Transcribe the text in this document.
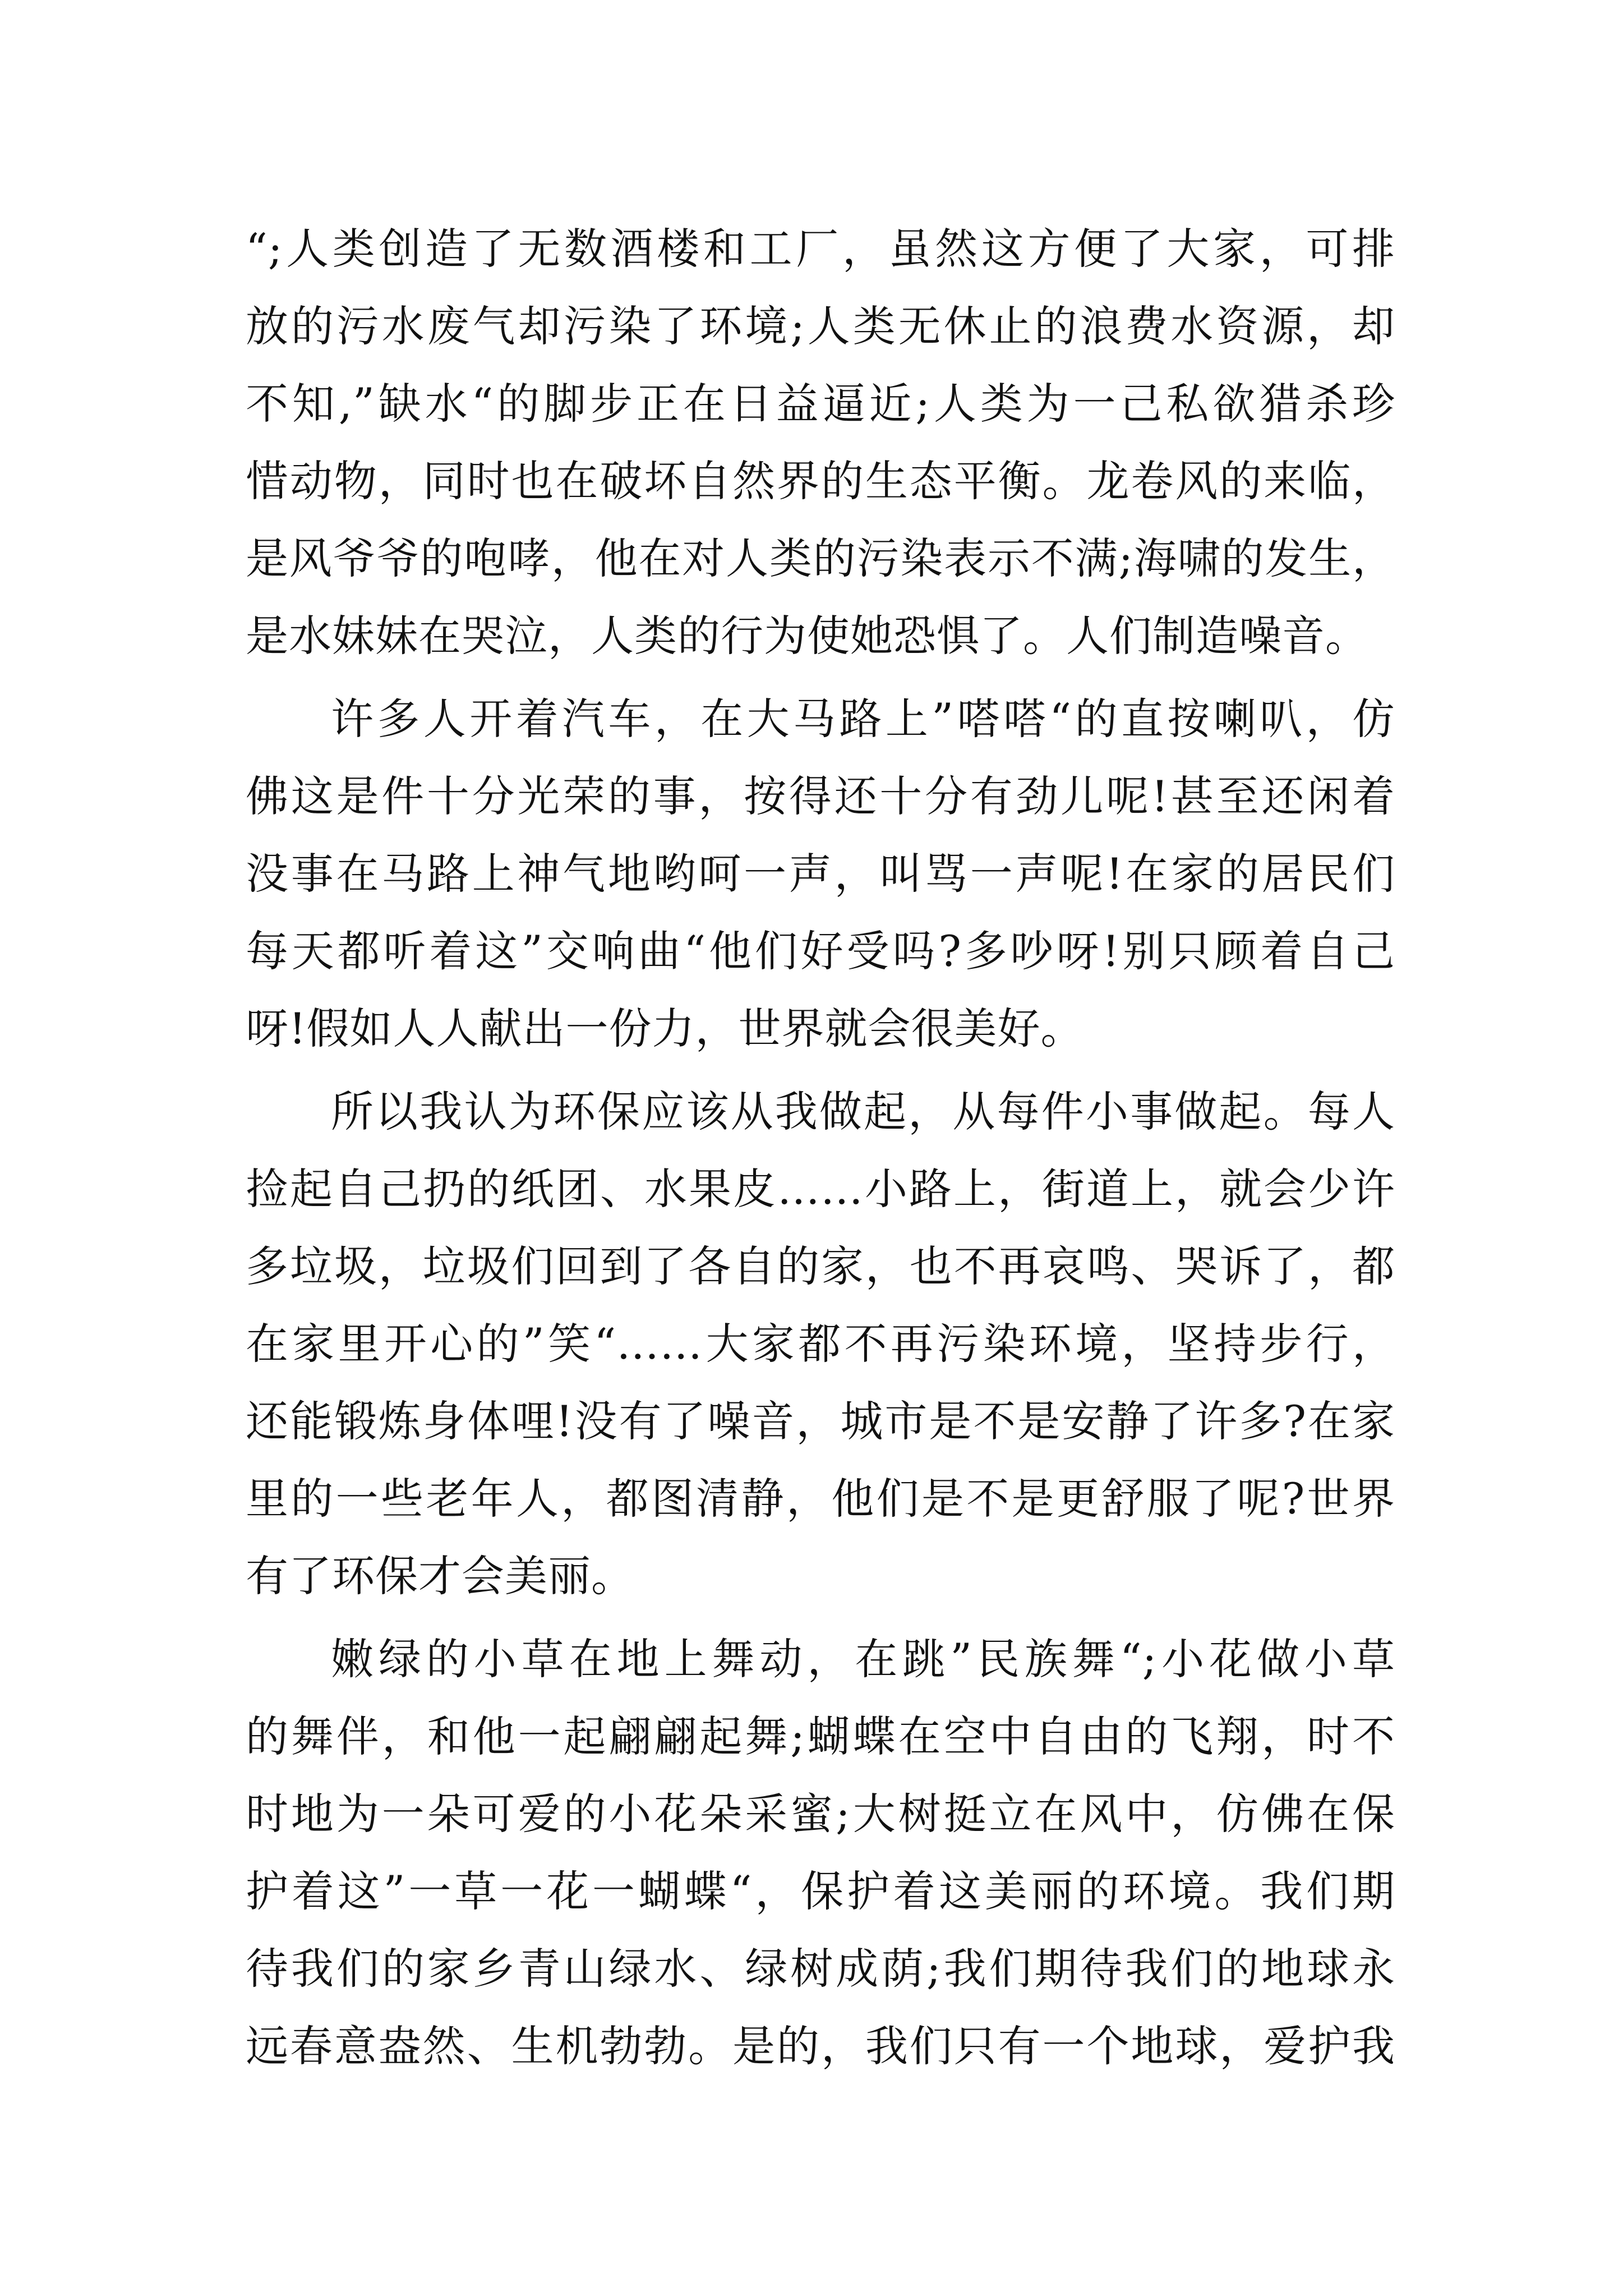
“;人类创造了无数酒楼和工厂，虽然这方便了大家，可排
放的污水废气却污染了环境;人类无休止的浪费水资源，却
不知,”缺水“的脚步正在日益逼近;人类为一己私欲猎杀珍
惜动物，同时也在破坏自然界的生态平衡。龙卷风的来临，
是风爷爷的咆哮，他在对人类的污染表示不满;海啸的发生，
是水妹妹在哭泣，人类的行为使她恐惧了。人们制造噪音。
许多人开着汽车，在大马路上”嗒嗒“的直按喇叭，仿
佛这是件十分光荣的事，按得还十分有劲儿呢!甚至还闲着
没事在马路上神气地哟呵一声，叫骂一声呢!在家的居民们
每天都听着这”交响曲“他们好受吗?多吵呀!别只顾着自己
呀!假如人人献出一份力，世界就会很美好。
所以我认为环保应该从我做起，从每件小事做起。每人
捡起自己扔的纸团、水果皮……小路上，街道上，就会少许
多垃圾，垃圾们回到了各自的家，也不再哀鸣、哭诉了，都
在家里开心的”笑“……大家都不再污染环境，坚持步行，
还能锻炼身体哩!没有了噪音，城市是不是安静了许多?在家
里的一些老年人，都图清静，他们是不是更舒服了呢?世界
有了环保才会美丽。
嫩绿的小草在地上舞动，在跳”民族舞“;小花做小草
的舞伴，和他一起翩翩起舞;蝴蝶在空中自由的飞翔，时不
时地为一朵可爱的小花朵采蜜;大树挺立在风中，仿佛在保
护着这”一草一花一蝴蝶“，保护着这美丽的环境。我们期
待我们的家乡青山绿水、绿树成荫;我们期待我们的地球永
远春意盎然、生机勃勃。是的，我们只有一个地球，爱护我
